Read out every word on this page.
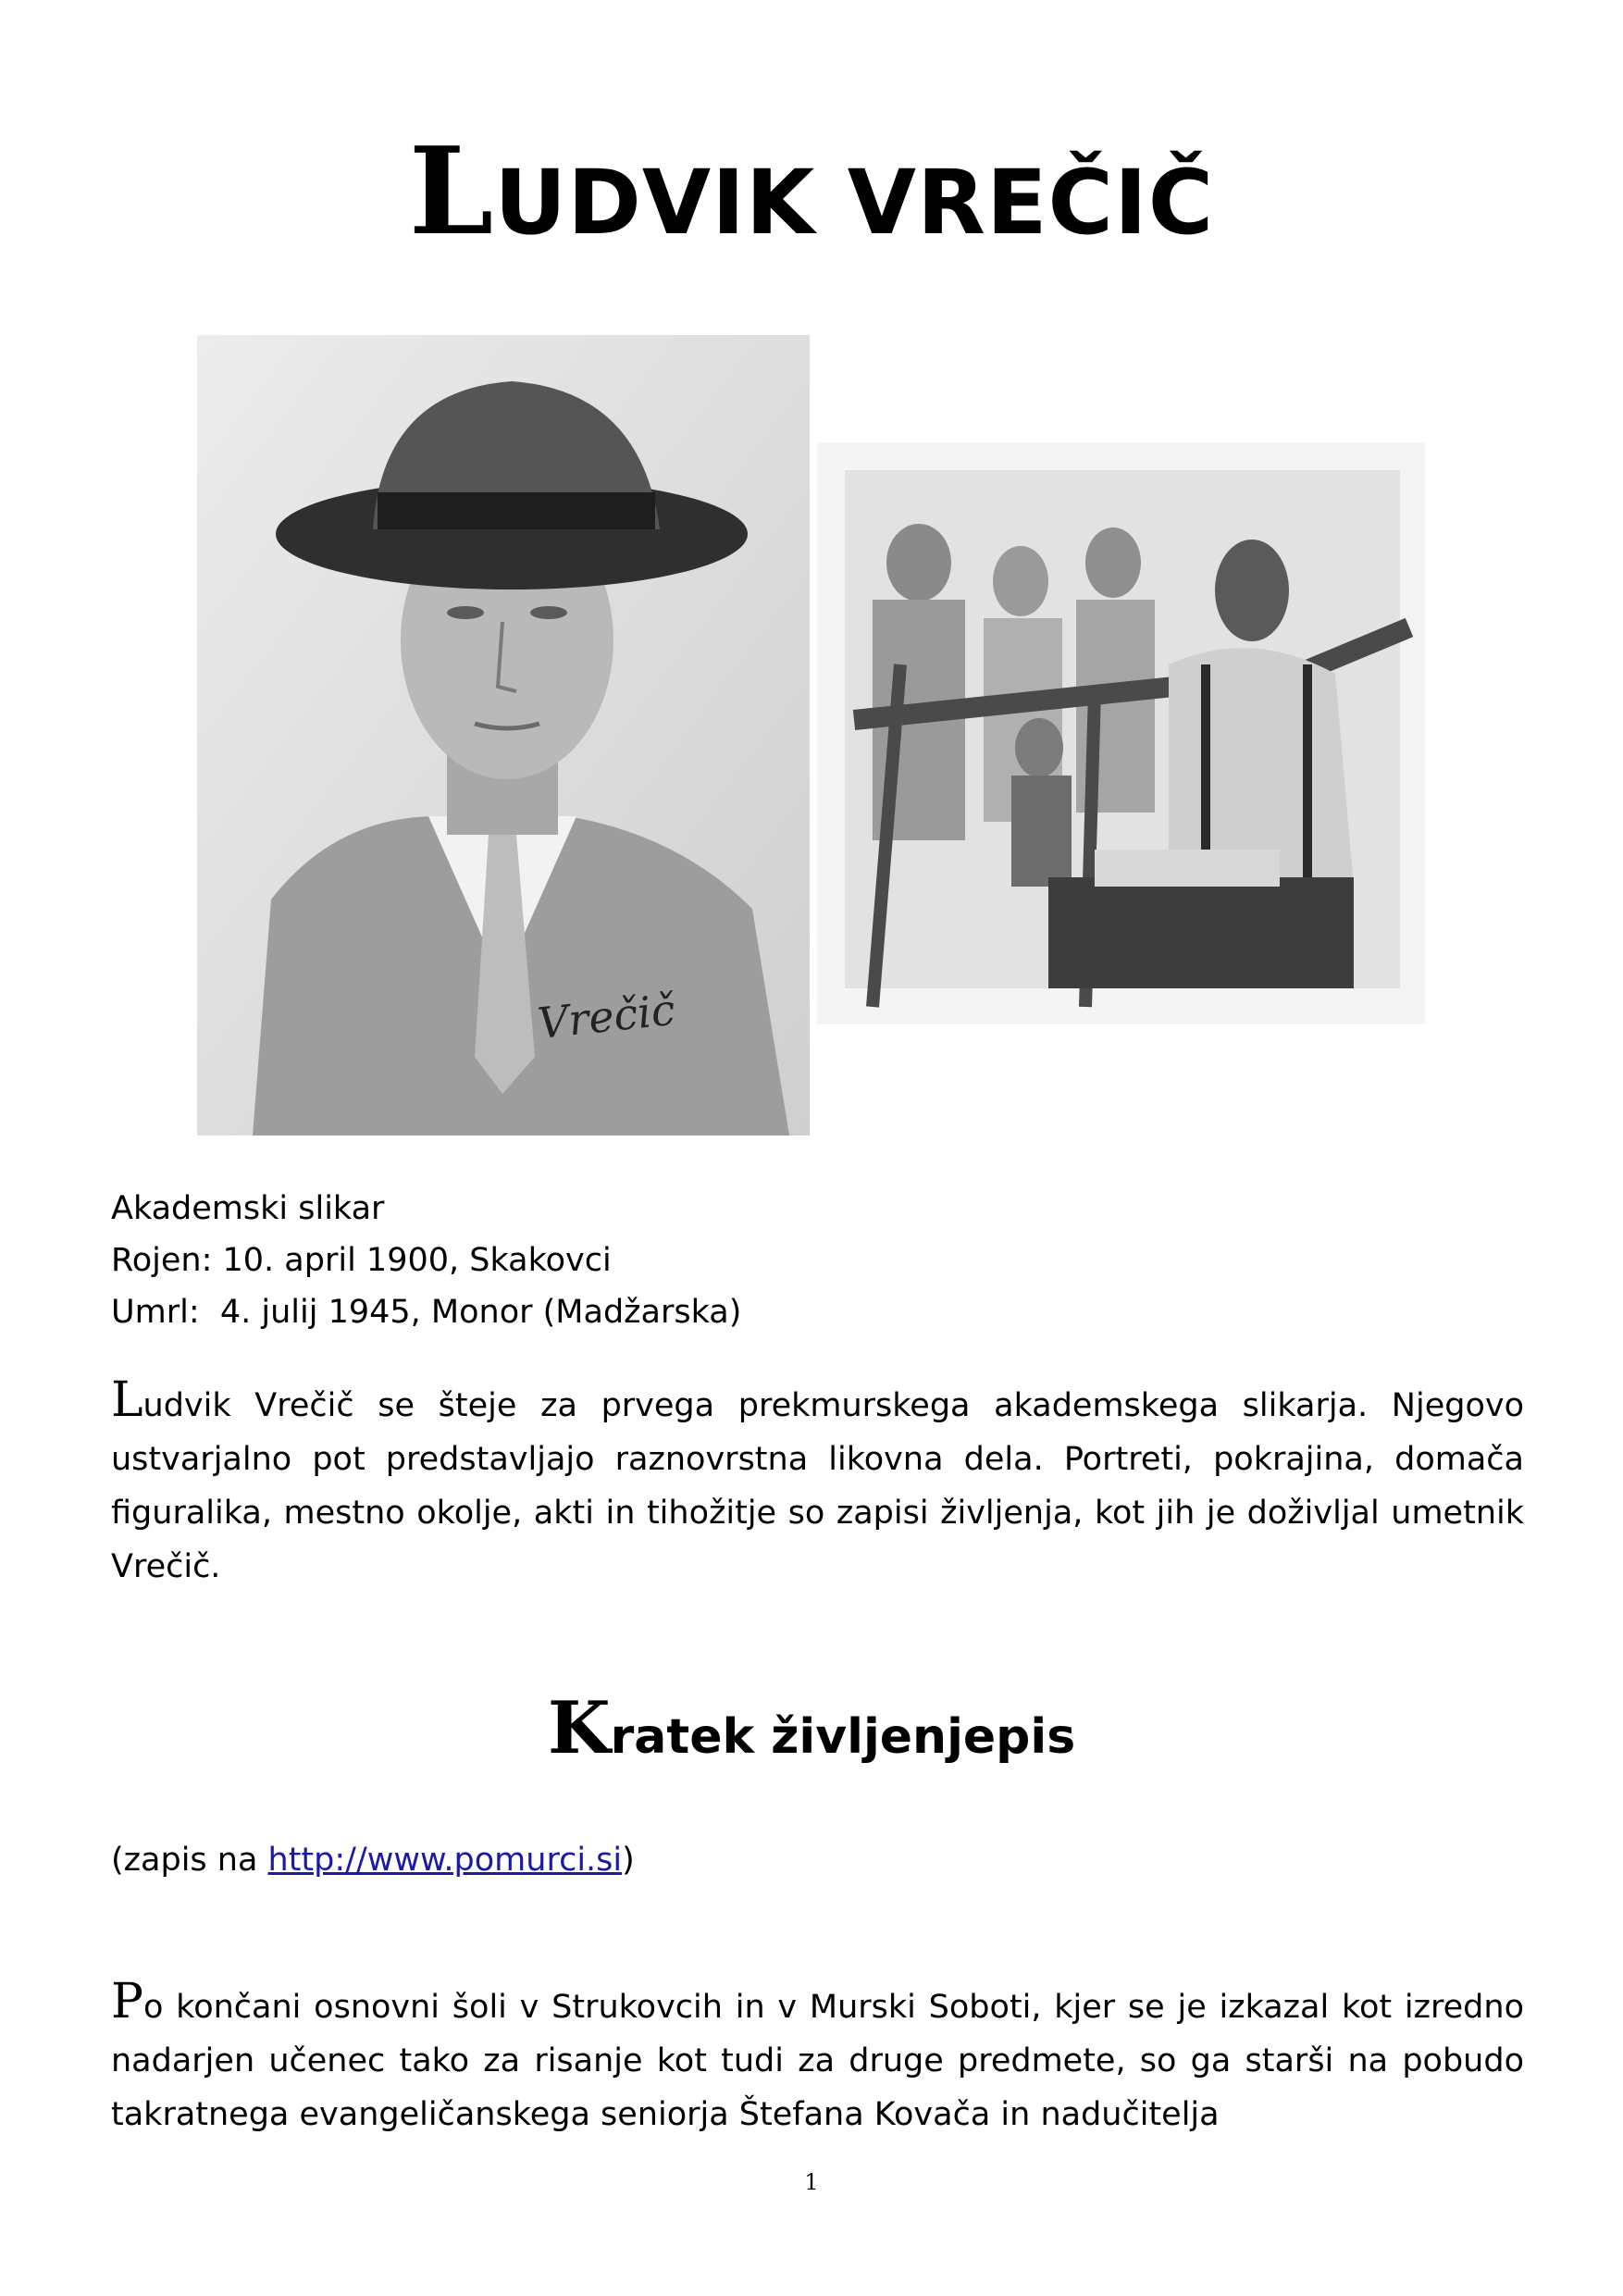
LUDVIK VREČIČ
Vrečič
Akademski slikar
Rojen: 10. april 1900, Skakovci
Umrl:  4. julij 1945, Monor (Madžarska)

Ludvik Vrečič se šteje za prvega prekmurskega akademskega slikarja. Njegovo ustvarjalno pot predstavljajo raznovrstna likovna dela. Portreti, pokrajina, domača figuralika, mestno okolje, akti in tihožitje so zapisi življenja, kot jih je doživljal umetnik Vrečič.

Kratek življenjepis
(zapis na http://www.pomurci.si)

Po končani osnovni šoli v Strukovcih in v Murski Soboti, kjer se je izkazal kot izredno nadarjen učenec tako za risanje kot tudi za druge predmete, so ga starši na pobudo takratnega evangeličanskega seniorja Štefana Kovača in nadučitelja

1
